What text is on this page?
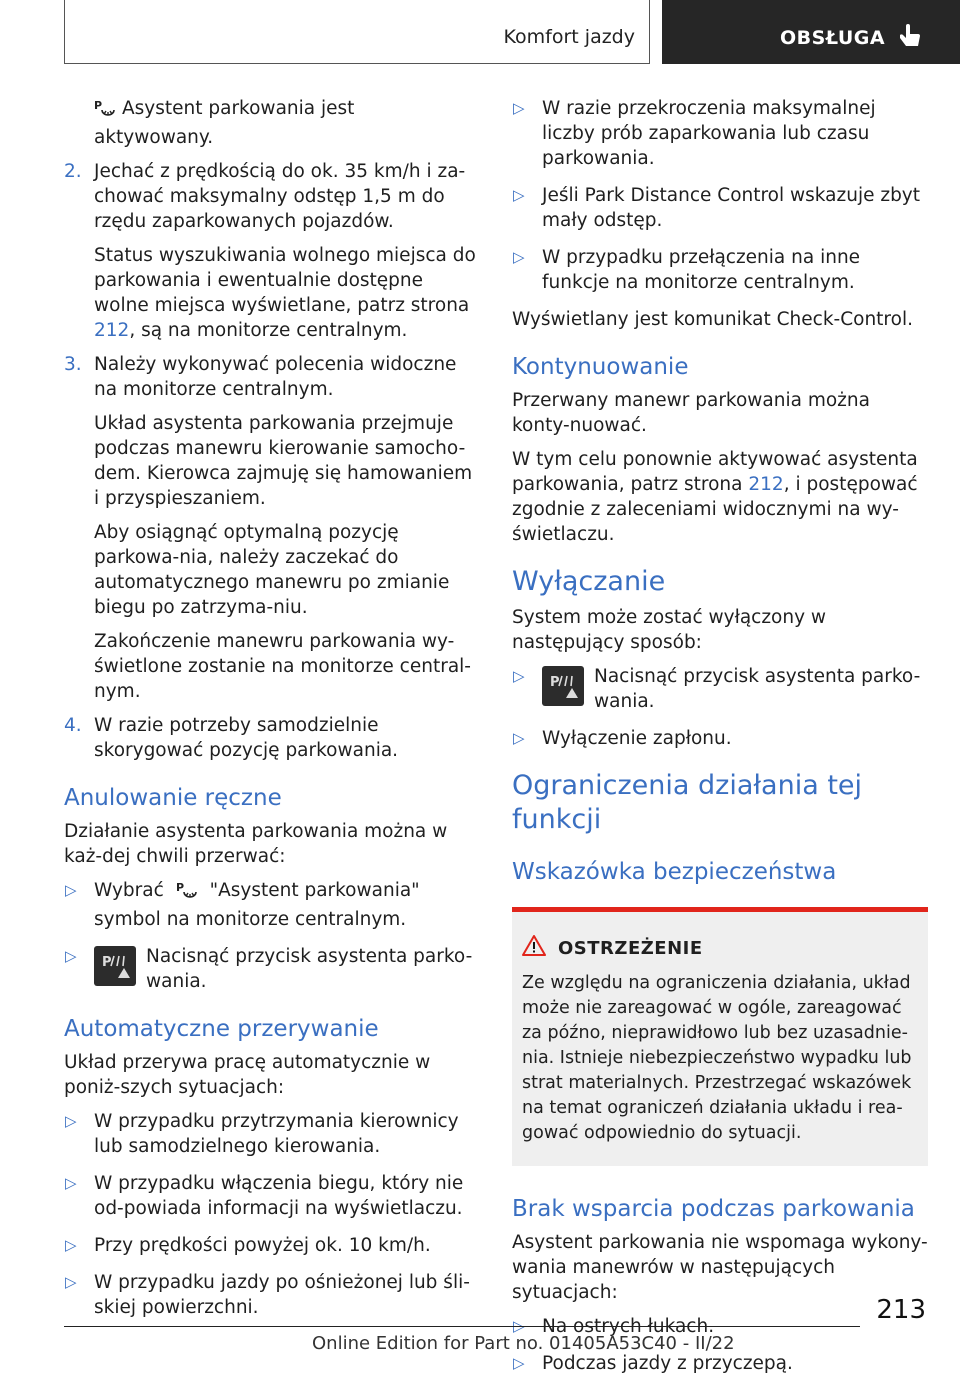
Komfort jazdy	OBSŁUGA

P Asystent parkowania jest aktywowany.

2. Jechać z prędkością do ok. 35 km/h i za-chować maksymalny odstęp 1,5 m do rzędu zaparkowanych pojazdów.

Status wyszukiwania wolnego miejsca do parkowania i ewentualnie dostępne wolne miejsca wyświetlane, patrz strona 212, są na monitorze centralnym.

3. Należy wykonywać polecenia widoczne na monitorze centralnym.

Układ asystenta parkowania przejmuje podczas manewru kierowanie samocho-dem. Kierowca zajmuję się hamowaniem i przyspieszaniem.

Aby osiągnąć optymalną pozycję parkowa-nia, należy zaczekać do automatycznego manewru po zmianie biegu po zatrzyma-niu.

Zakończenie manewru parkowania wy-świetlone zostanie na monitorze central-nym.

4. W razie potrzeby samodzielnie skorygować pozycję parkowania.
Anulowanie ręczne

Działanie asystenta parkowania można w każ-dej chwili przerwać:

▷ Wybrać P "Asystent parkowania" symbol na monitorze centralnym.
▷ P Nacisnąć przycisk asystenta parko-wania.
Automatyczne przerywanie

Układ przerywa pracę automatycznie w poniż-szych sytuacjach:

▷ W przypadku przytrzymania kierownicy lub samodzielnego kierowania.
▷ W przypadku włączenia biegu, który nie od-powiada informacji na wyświetlaczu.
▷ Przy prędkości powyżej ok. 10 km/h.
▷ W przypadku jazdy po ośnieżonej lub śli-skiej powierzchni.
▷ W razie przekroczenia maksymalnej liczby prób zaparkowania lub czasu parkowania.
▷ Jeśli Park Distance Control wskazuje zbyt mały odstęp.
▷ W przypadku przełączenia na inne funkcje na monitorze centralnym.

Wyświetlany jest komunikat Check-Control.

Kontynuowanie

Przerwany manewr parkowania można konty-nuować.

W tym celu ponownie aktywować asystenta parkowania, patrz strona 212, i postępować zgodnie z zaleceniami widocznymi na wy-świetlaczu.

Wyłączanie

System może zostać wyłączony w następujący sposób:

▷ P Nacisnąć przycisk asystenta parko-wania.
▷ Wyłączenie zapłonu.
Ograniczenia działania tej funkcji
Wskazówka bezpieczeństwa
OSTRZEŻENIE
Ze względu na ograniczenia działania, układ może nie zareagować w ogóle, zareagować za późno, nieprawidłowo lub bez uzasadnie-nia. Istnieje niebezpieczeństwo wypadku lub strat materialnych. Przestrzegać wskazówek na temat ograniczeń działania układu i rea-gować odpowiednio do sytuacji.
Brak wsparcia podczas parkowania

Asystent parkowania nie wspomaga wykony-wania manewrów w następujących sytuacjach:

▷ Na ostrych łukach.
▷ Podczas jazdy z przyczepą.
213
Online Edition for Part no. 01405A53C40 - II/22
